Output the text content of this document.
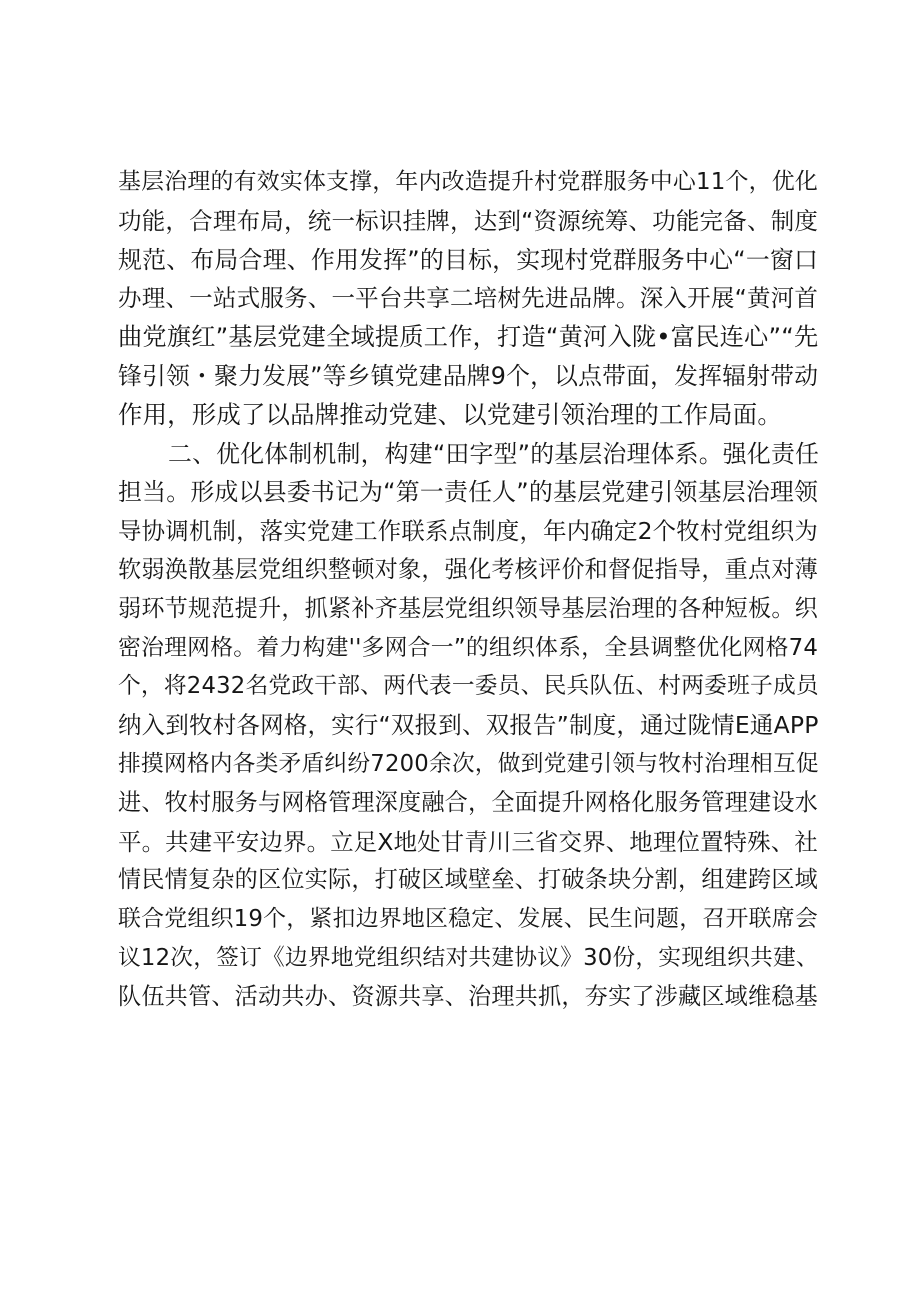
基层治理的有效实体支撑，年内改造提升村党群服务中心11个，优化
功能，合理布局，统一标识挂牌，达到“资源统筹、功能完备、制度
规范、布局合理、作用发挥”的目标，实现村党群服务中心“一窗口
办理、一站式服务、一平台共享二培树先进品牌。深入开展“黄河首
曲党旗红”基层党建全域提质工作，打造“黄河入陇•富民连心”“先
锋引领・聚力发展”等乡镇党建品牌9个，以点带面，发挥辐射带动
作用，形成了以品牌推动党建、以党建引领治理的工作局面。
二、优化体制机制，构建“田字型”的基层治理体系。强化责任
担当。形成以县委书记为“第一责任人”的基层党建引领基层治理领
导协调机制，落实党建工作联系点制度，年内确定2个牧村党组织为
软弱涣散基层党组织整顿对象，强化考核评价和督促指导，重点对薄
弱环节规范提升，抓紧补齐基层党组织领导基层治理的各种短板。织
密治理网格。着力构建''多网合一”的组织体系，全县调整优化网格74
个，将2432名党政干部、两代表一委员、民兵队伍、村两委班子成员
纳入到牧村各网格，实行“双报到、双报告”制度，通过陇情E通APP
排摸网格内各类矛盾纠纷7200余次，做到党建引领与牧村治理相互促
进、牧村服务与网格管理深度融合，全面提升网格化服务管理建设水
平。共建平安边界。立足X地处甘青川三省交界、地理位置特殊、社
情民情复杂的区位实际，打破区域壁垒、打破条块分割，组建跨区域
联合党组织19个，紧扣边界地区稳定、发展、民生问题，召开联席会
议12次，签订《边界地党组织结对共建协议》30份，实现组织共建、
队伍共管、活动共办、资源共享、治理共抓，夯实了涉藏区域维稳基
